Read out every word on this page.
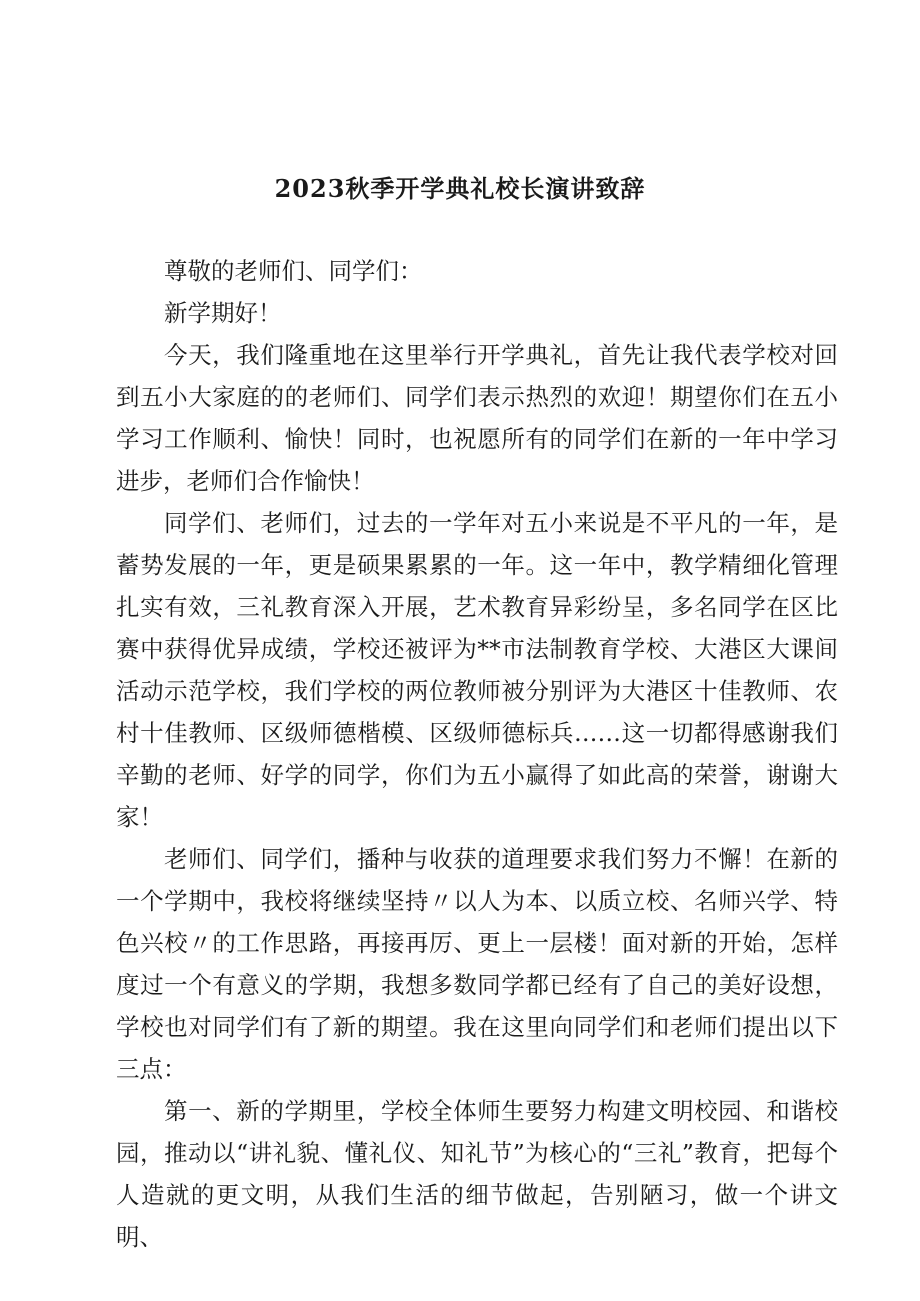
2023秋季开学典礼校长演讲致辞

尊敬的老师们、同学们：

新学期好！

今天，我们隆重地在这里举行开学典礼，首先让我代表学校对回到五小大家庭的的老师们、同学们表示热烈的欢迎！期望你们在五小学习工作顺利、愉快！同时，也祝愿所有的同学们在新的一年中学习进步，老师们合作愉快！

同学们、老师们，过去的一学年对五小来说是不平凡的一年，是蓄势发展的一年，更是硕果累累的一年。这一年中，教学精细化管理扎实有效，三礼教育深入开展，艺术教育异彩纷呈，多名同学在区比赛中获得优异成绩，学校还被评为**市法制教育学校、大港区大课间活动示范学校，我们学校的两位教师被分别评为大港区十佳教师、农村十佳教师、区级师德楷模、区级师德标兵……这一切都得感谢我们辛勤的老师、好学的同学，你们为五小赢得了如此高的荣誉，谢谢大家！

老师们、同学们，播种与收获的道理要求我们努力不懈！在新的一个学期中，我校将继续坚持〃以人为本、以质立校、名师兴学、特色兴校〃的工作思路，再接再厉、更上一层楼！面对新的开始，怎样度过一个有意义的学期，我想多数同学都已经有了自己的美好设想，学校也对同学们有了新的期望。我在这里向同学们和老师们提出以下三点：

第一、新的学期里，学校全体师生要努力构建文明校园、和谐校园，推动以“讲礼貌、懂礼仪、知礼节”为核心的“三礼”教育，把每个人造就的更文明，从我们生活的细节做起，告别陋习，做一个讲文明、
